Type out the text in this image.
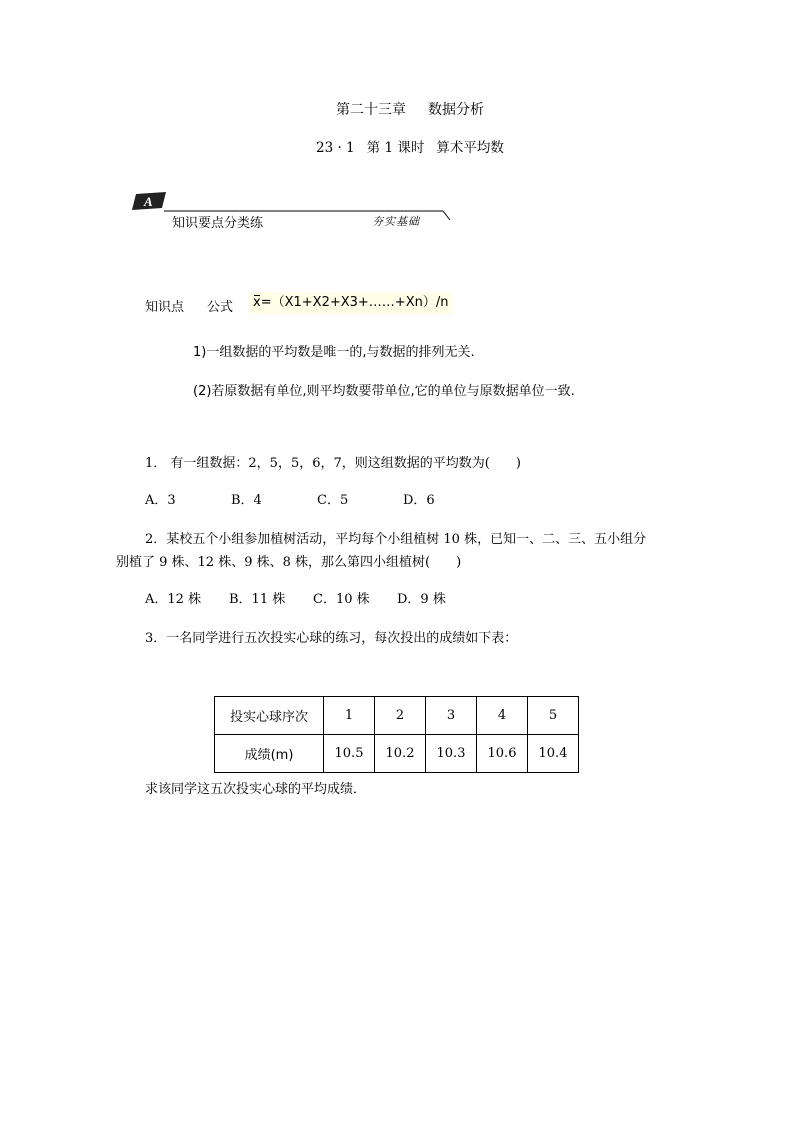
第二十三章 数据分析
23 · 1 第 1 课时 算术平均数
A
知识要点分类练	夯实基础
知识点 公式	x=（X1+X2+X3+……+Xn）/n
1)一组数据的平均数是唯一的,与数据的排列无关.
(2)若原数据有单位,则平均数要带单位,它的单位与原数据单位一致.
1． 有一组数据：2，5，5，6，7，则这组数据的平均数为(　　)
A．3	B．4	C．5	D．6
2．某校五个小组参加植树活动，平均每个小组植树 10 株，已知一、二、三、五小组分
别植了 9 株、12 株、9 株、8 株，那么第四小组植树(　　)
A．12 株 B．11 株 C．10 株 D．9 株
3．一名同学进行五次投实心球的练习，每次投出的成绩如下表：
投实心球序次	1	2	3	4	5
成绩(m)	10.5	10.2	10.3	10.6	10.4
求该同学这五次投实心球的平均成绩．
